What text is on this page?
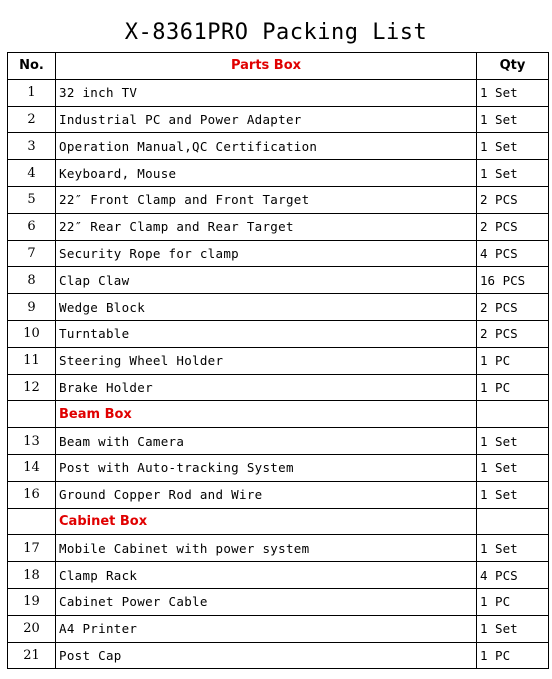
X-8361PRO Packing List
No.	Parts Box	Qty
1	32 inch TV	1 Set
2	Industrial PC and Power Adapter	1 Set
3	Operation Manual,QC Certification	1 Set
4	Keyboard, Mouse	1 Set
5	22″ Front Clamp and Front Target	2 PCS
6	22″ Rear Clamp and Rear Target	2 PCS
7	Security Rope for clamp	4 PCS
8	Clap Claw	16 PCS
9	Wedge Block	2 PCS
10	Turntable	2 PCS
11	Steering Wheel Holder	1 PC
12	Brake Holder	1 PC
	Beam Box	
13	Beam with Camera	1 Set
14	Post with Auto-tracking System	1 Set
16	Ground Copper Rod and Wire	1 Set
	Cabinet Box	
17	Mobile Cabinet with power system	1 Set
18	Clamp Rack	4 PCS
19	Cabinet Power Cable	1 PC
20	A4 Printer	1 Set
21	Post Cap	1 PC
